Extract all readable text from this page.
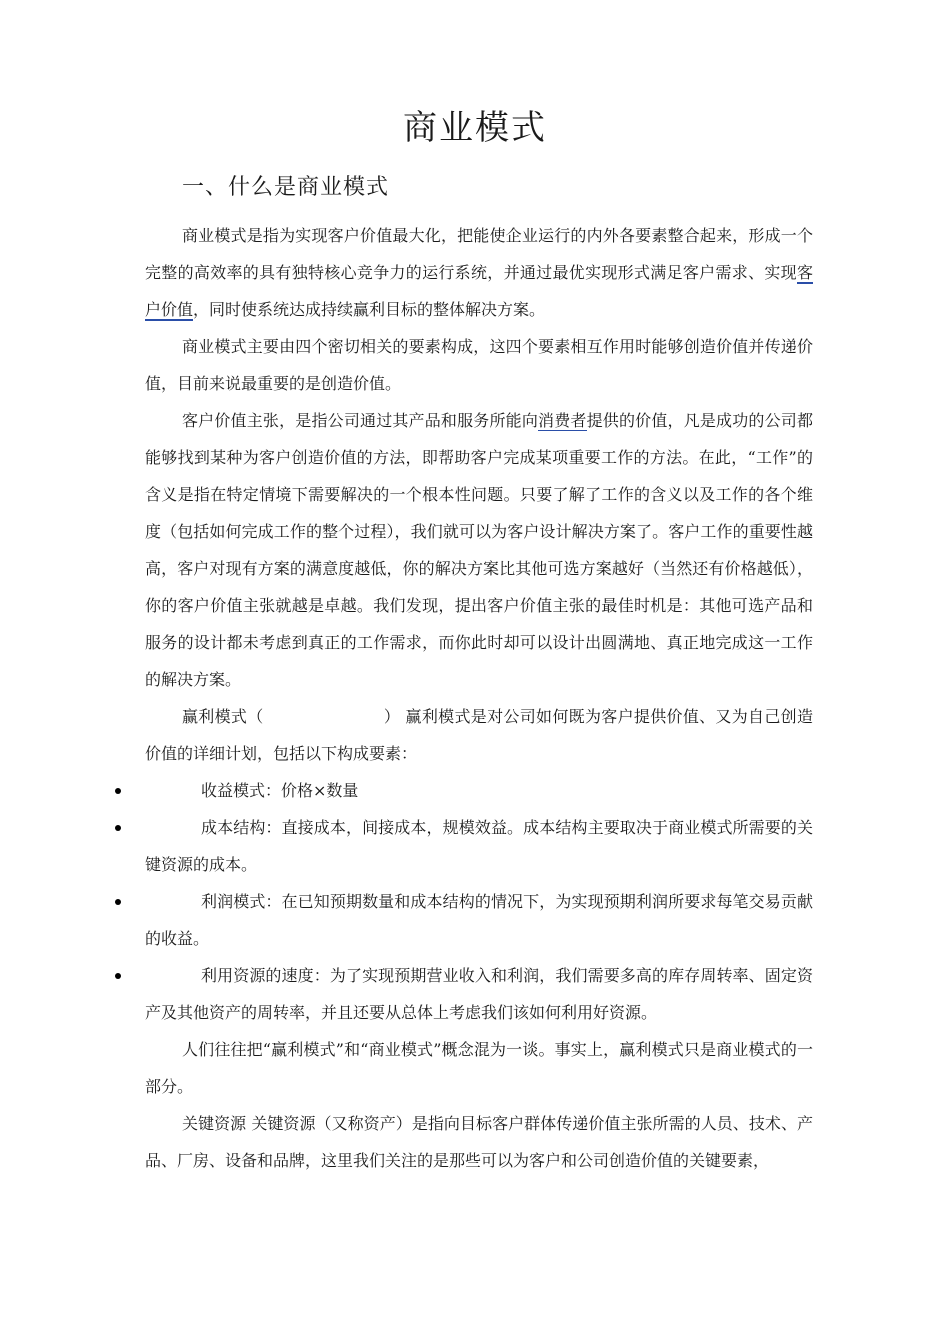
商业模式
一、什么是商业模式

商业模式是指为实现客户价值最大化，把能使企业运行的内外各要素整合起来，形成一个完整的高效率的具有独特核心竞争力的运行系统，并通过最优实现形式满足客户需求、实现客户价值，同时使系统达成持续赢利目标的整体解决方案。

商业模式主要由四个密切相关的要素构成，这四个要素相互作用时能够创造价值并传递价值，目前来说最重要的是创造价值。

客户价值主张，是指公司通过其产品和服务所能向消费者提供的价值，凡是成功的公司都能够找到某种为客户创造价值的方法，即帮助客户完成某项重要工作的方法。在此，“工作”的含义是指在特定情境下需要解决的一个根本性问题。只要了解了工作的含义以及工作的各个维度（包括如何完成工作的整个过程），我们就可以为客户设计解决方案了。客户工作的重要性越高，客户对现有方案的满意度越低，你的解决方案比其他可选方案越好（当然还有价格越低），你的客户价值主张就越是卓越。我们发现，提出客户价值主张的最佳时机是：其他可选产品和服务的设计都未考虑到真正的工作需求，而你此时却可以设计出圆满地、真正地完成这一工作的解决方案。

赢利模式（	） 赢利模式是对公司如何既为客户提供价值、又为自己创造价值的详细计划，包括以下构成要素：

收益模式：价格×数量

成本结构：直接成本，间接成本，规模效益。成本结构主要取决于商业模式所需要的关键资源的成本。

利润模式：在已知预期数量和成本结构的情况下，为实现预期利润所要求每笔交易贡献的收益。

利用资源的速度：为了实现预期营业收入和利润，我们需要多高的库存周转率、固定资产及其他资产的周转率，并且还要从总体上考虑我们该如何利用好资源。

人们往往把“赢利模式”和“商业模式”概念混为一谈。事实上，赢利模式只是商业模式的一部分。

关键资源 关键资源（又称资产）是指向目标客户群体传递价值主张所需的人员、技术、产品、厂房、设备和品牌，这里我们关注的是那些可以为客户和公司创造价值的关键要素，
